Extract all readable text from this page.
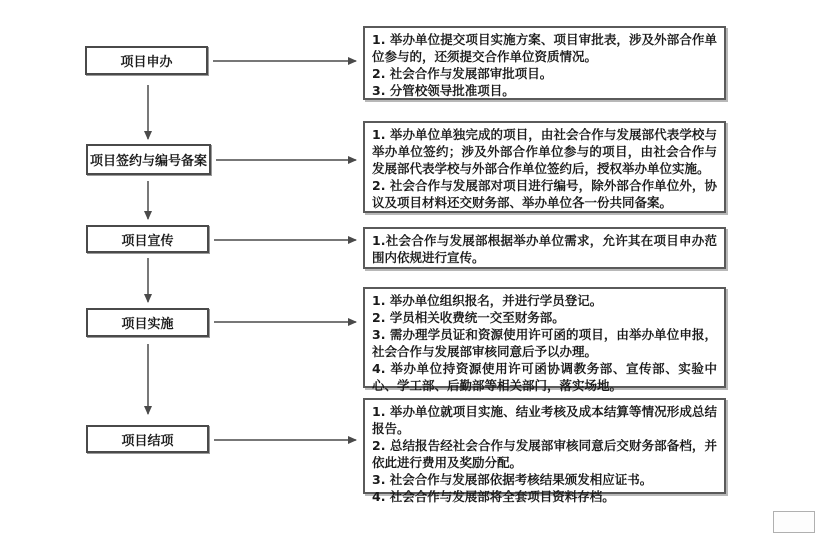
项目申办
项目签约与编号备案
项目宣传
项目实施
项目结项

1. 举办单位提交项目实施方案、项目审批表，涉及外部合作单位参与的，还须提交合作单位资质情况。

2. 社会合作与发展部审批项目。

3. 分管校领导批准项目。

1. 举办单位单独完成的项目，由社会合作与发展部代表学校与举办单位签约；涉及外部合作单位参与的项目，由社会合作与发展部代表学校与外部合作单位签约后，授权举办单位实施。

2. 社会合作与发展部对项目进行编号，除外部合作单位外，协议及项目材料还交财务部、举办单位各一份共同备案。

1.社会合作与发展部根据举办单位需求，允许其在项目申办范围内依规进行宣传。

1. 举办单位组织报名，并进行学员登记。

2. 学员相关收费统一交至财务部。

3. 需办理学员证和资源使用许可函的项目，由举办单位申报，社会合作与发展部审核同意后予以办理。

4. 举办单位持资源使用许可函协调教务部、宣传部、实验中心、学工部、后勤部等相关部门，落实场地。

1. 举办单位就项目实施、结业考核及成本结算等情况形成总结报告。

2. 总结报告经社会合作与发展部审核同意后交财务部备档，并依此进行费用及奖励分配。

3. 社会合作与发展部依据考核结果颁发相应证书。

4. 社会合作与发展部将全套项目资料存档。
